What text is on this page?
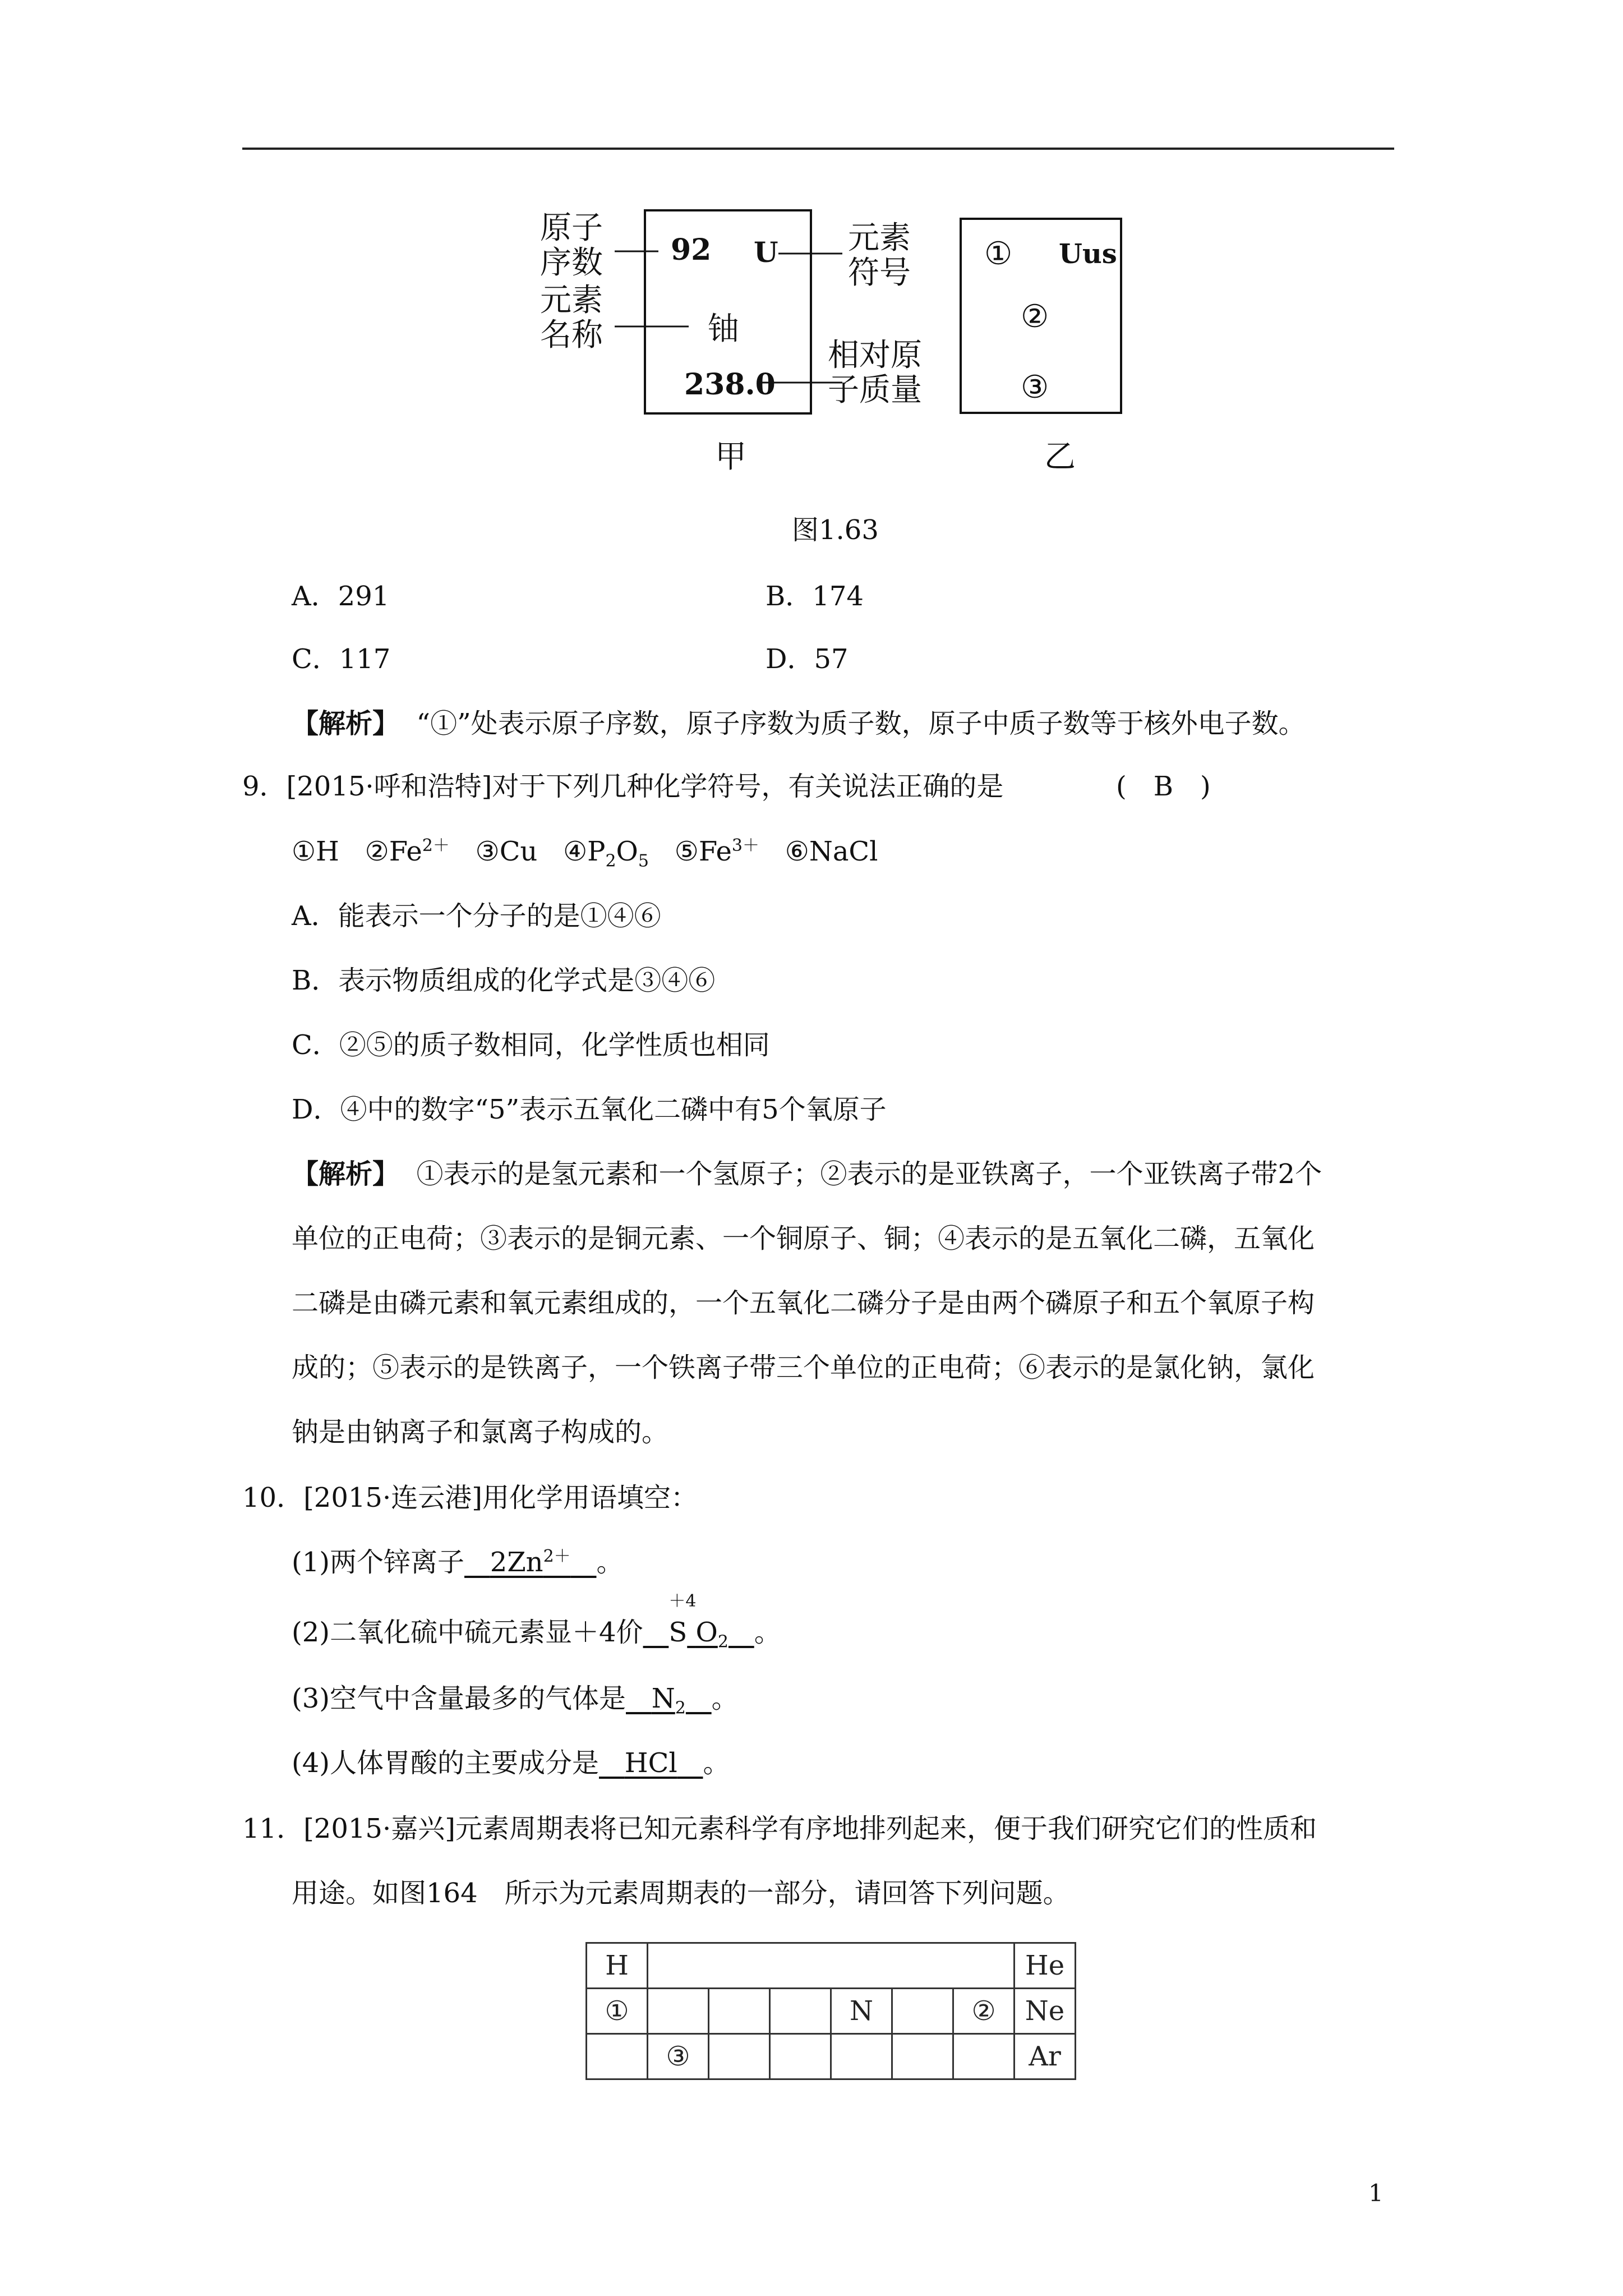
原子
序数
元素
名称
92 U
铀
238.0
元素
符号
相对原
子质量
甲
① Uus
②
③
乙
图1.63
A．291	B．174
C．117	D．57
【解析】 “①”处表示原子序数，原子序数为质子数，原子中质子数等于核外电子数。
9．[2015·呼和浩特]对于下列几种化学符号，有关说法正确的是	(　B　)
①H $②Fe^{2+}$ ③Cu $④P_2O_5$ $⑤Fe^{3+}$ ⑥NaCl
A．能表示一个分子的是①④⑥
B．表示物质组成的化学式是③④⑥
C．②⑤的质子数相同，化学性质也相同
D．④中的数字“5”表示五氧化二磷中有5个氧原子
【解析】 ①表示的是氢元素和一个氢原子；②表示的是亚铁离子，一个亚铁离子带2个
单位的正电荷；③表示的是铜元素、一个铜原子、铜；④表示的是五氧化二磷，五氧化
二磷是由磷元素和氧元素组成的，一个五氧化二磷分子是由两个磷原子和五个氧原子构
成的；⑤表示的是铁离子，一个铁离子带三个单位的正电荷；⑥表示的是氯化钠，氯化
钠是由钠离子和氯离子构成的。
10．[2015·连云港]用化学用语填空：
(1)两个锌离子 $2Zn^{2+}$ 。
(2)二氧化硫中硫元素显＋4价
＋4
S $O_2$ 。
(3)空气中含量最多的气体是 $N_2$ 。
(4)人体胃酸的主要成分是 HCl 。
11．[2015·嘉兴]元素周期表将已知元素科学有序地排列起来，便于我们研究它们的性质和
用途。如图164　所示为元素周期表的一部分，请回答下列问题。
H							He
①				N		②	Ne
	③						Ar
1
